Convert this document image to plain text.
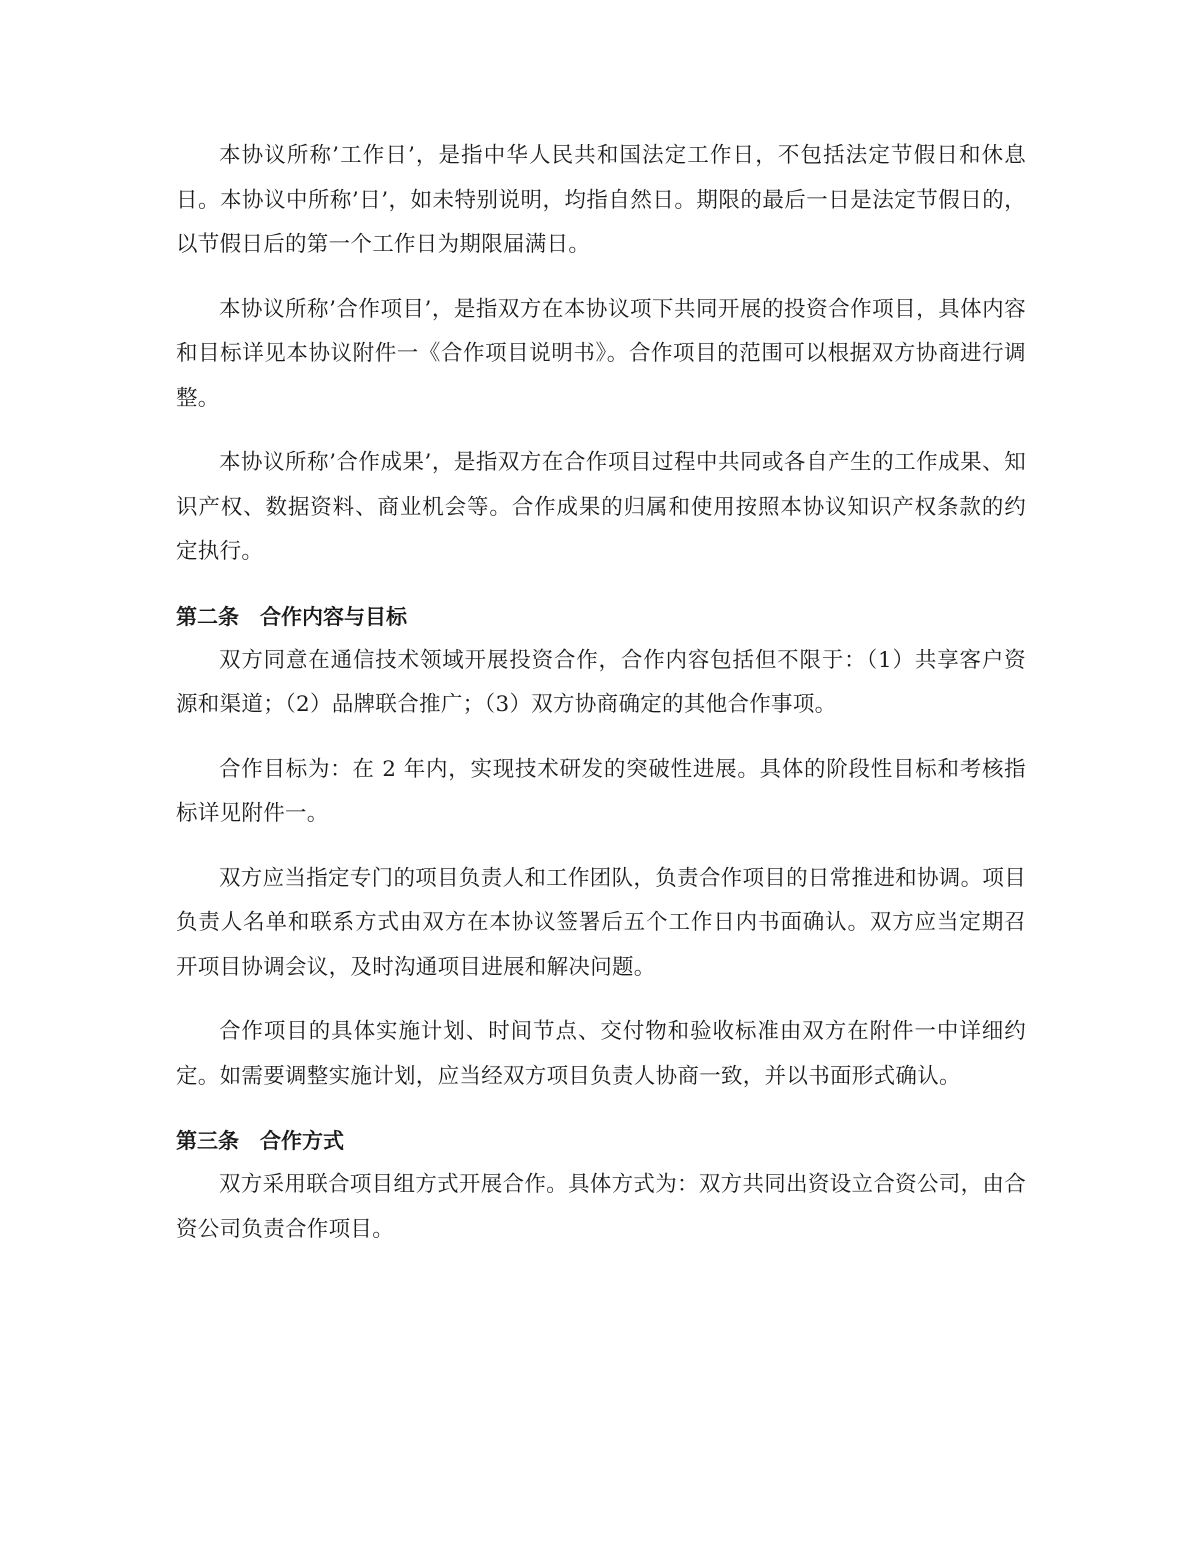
本协议所称’工作日’，是指中华人民共和国法定工作日，不包括法定节假日和休息日。本协议中所称’日’，如未特别说明，均指自然日。期限的最后一日是法定节假日的，以节假日后的第一个工作日为期限届满日。

本协议所称’合作项目’，是指双方在本协议项下共同开展的投资合作项目，具体内容和目标详见本协议附件一《合作项目说明书》。合作项目的范围可以根据双方协商进行调整。

本协议所称’合作成果’，是指双方在合作项目过程中共同或各自产生的工作成果、知识产权、数据资料、商业机会等。合作成果的归属和使用按照本协议知识产权条款的约定执行。

第二条　合作内容与目标

双方同意在通信技术领域开展投资合作，合作内容包括但不限于：（1）共享客户资源和渠道；（2）品牌联合推广；（3）双方协商确定的其他合作事项。

合作目标为：在 2 年内，实现技术研发的突破性进展。具体的阶段性目标和考核指标详见附件一。

双方应当指定专门的项目负责人和工作团队，负责合作项目的日常推进和协调。项目负责人名单和联系方式由双方在本协议签署后五个工作日内书面确认。双方应当定期召开项目协调会议，及时沟通项目进展和解决问题。

合作项目的具体实施计划、时间节点、交付物和验收标准由双方在附件一中详细约定。如需要调整实施计划，应当经双方项目负责人协商一致，并以书面形式确认。

第三条　合作方式

双方采用联合项目组方式开展合作。具体方式为：双方共同出资设立合资公司，由合资公司负责合作项目。
